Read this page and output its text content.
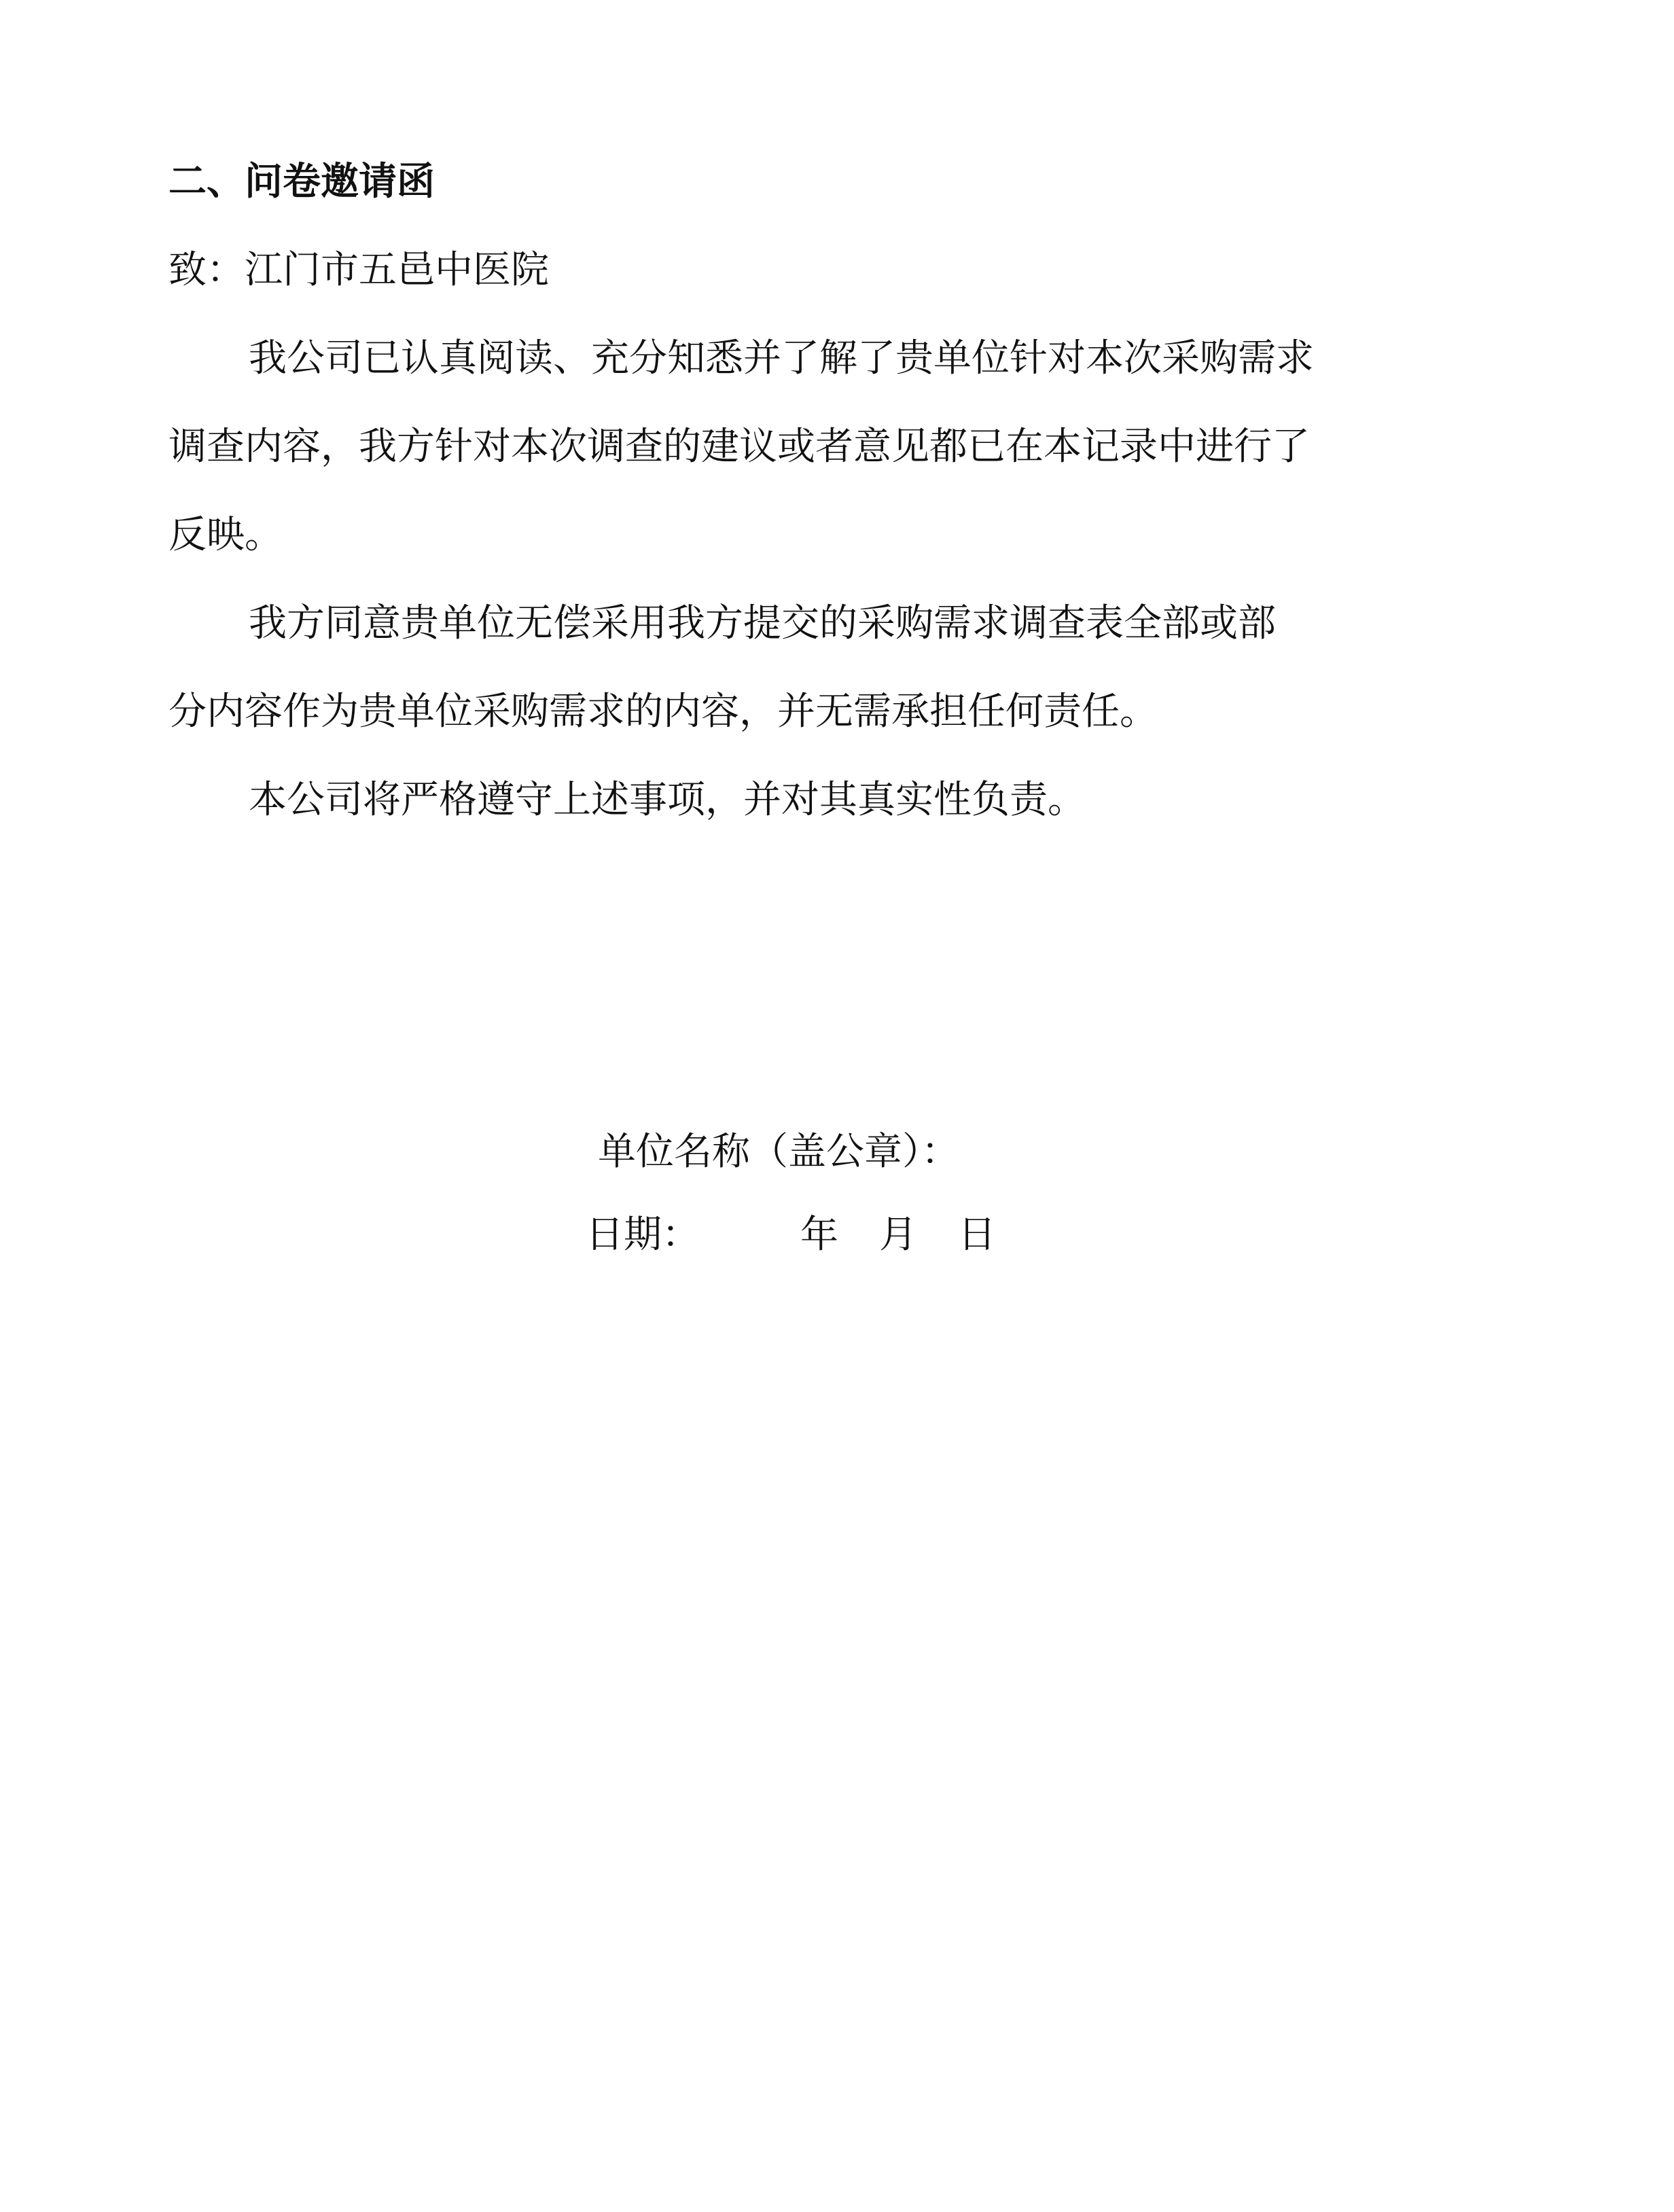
二、问卷邀请函

致：江门市五邑中医院

我公司已认真阅读、充分知悉并了解了贵单位针对本次采购需求

调查内容，我方针对本次调查的建议或者意见都已在本记录中进行了

反映。

我方同意贵单位无偿采用我方提交的采购需求调查表全部或部

分内容作为贵单位采购需求的内容，并无需承担任何责任。

本公司将严格遵守上述事项，并对其真实性负责。

单位名称（盖公章）：

日期：	年 月 日
